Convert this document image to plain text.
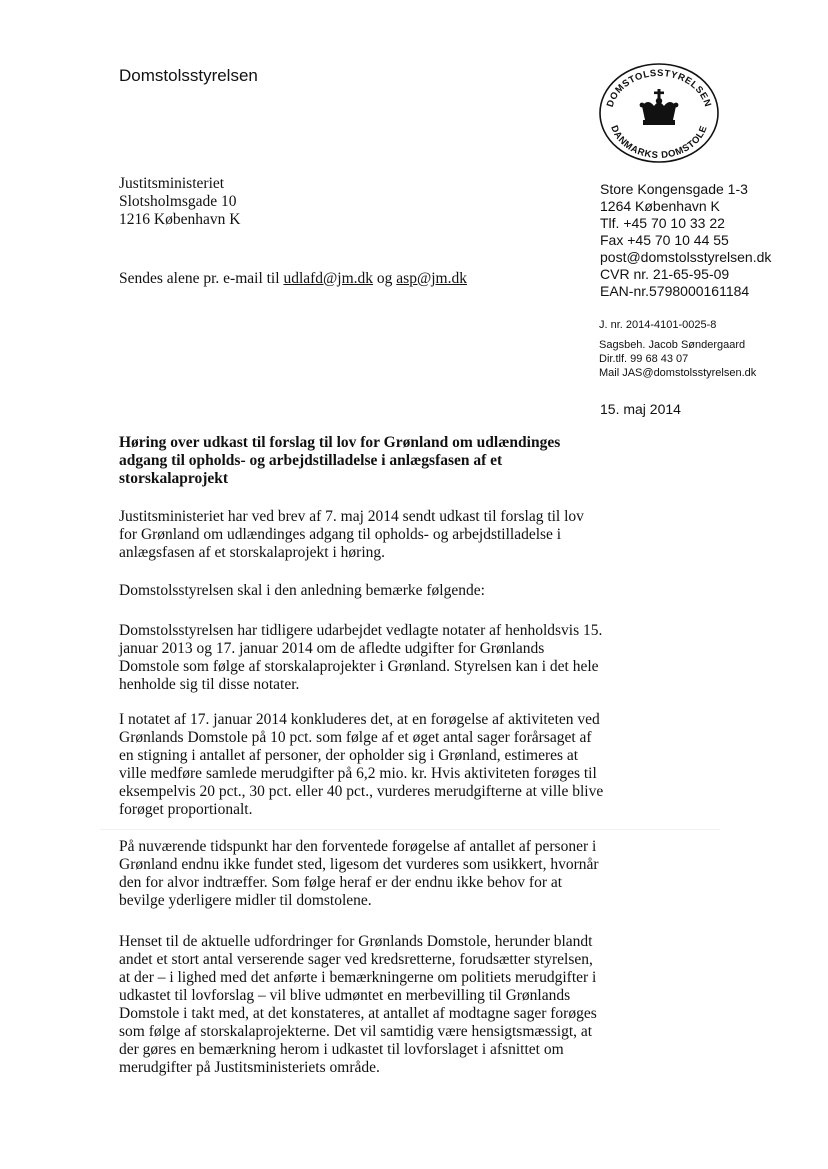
Domstolsstyrelsen
DOMSTOLSSTYRELSEN
DANMARKS DOMSTOLE
Justitsministeriet
Slotsholmsgade 10
1216 København K
Sendes alene pr. e-mail til udlafd@jm.dk og asp@jm.dk
Store Kongensgade 1-3
1264 København K
Tlf. +45 70 10 33 22
Fax +45 70 10 44 55
post@domstolsstyrelsen.dk
CVR nr. 21-65-95-09
EAN-nr.5798000161184
J. nr. 2014-4101-0025-8
Sagsbeh. Jacob Søndergaard
Dir.tlf. 99 68 43 07
Mail JAS@domstolsstyrelsen.dk
15. maj 2014
Høring over udkast til forslag til lov for Grønland om udlændinges adgang til opholds- og arbejdstilladelse i anlægsfasen af et storskalaprojekt
Justitsministeriet har ved brev af 7. maj 2014 sendt udkast til forslag til lov for Grønland om udlændinges adgang til opholds- og arbejdstilladelse i anlægsfasen af et storskalaprojekt i høring.
Domstolsstyrelsen skal i den anledning bemærke følgende:
Domstolsstyrelsen har tidligere udarbejdet vedlagte notater af henholdsvis 15. januar 2013 og 17. januar 2014 om de afledte udgifter for Grønlands Domstole som følge af storskalaprojekter i Grønland. Styrelsen kan i det hele henholde sig til disse notater.
I notatet af 17. januar 2014 konkluderes det, at en forøgelse af aktiviteten ved Grønlands Domstole på 10 pct. som følge af et øget antal sager forårsaget af en stigning i antallet af personer, der opholder sig i Grønland, estimeres at ville medføre samlede merudgifter på 6,2 mio. kr. Hvis aktiviteten forøges til eksempelvis 20 pct., 30 pct. eller 40 pct., vurderes merudgifterne at ville blive forøget proportionalt.
På nuværende tidspunkt har den forventede forøgelse af antallet af personer i Grønland endnu ikke fundet sted, ligesom det vurderes som usikkert, hvornår den for alvor indtræffer. Som følge heraf er der endnu ikke behov for at bevilge yderligere midler til domstolene.
Henset til de aktuelle udfordringer for Grønlands Domstole, herunder blandt andet et stort antal verserende sager ved kredsretterne, forudsætter styrelsen, at der – i lighed med det anførte i bemærkningerne om politiets merudgifter i udkastet til lovforslag – vil blive udmøntet en merbevilling til Grønlands Domstole i takt med, at det konstateres, at antallet af modtagne sager forøges som følge af storskalaprojekterne. Det vil samtidig være hensigtsmæssigt, at der gøres en bemærkning herom i udkastet til lovforslaget i afsnittet om merudgifter på Justitsministeriets område.
